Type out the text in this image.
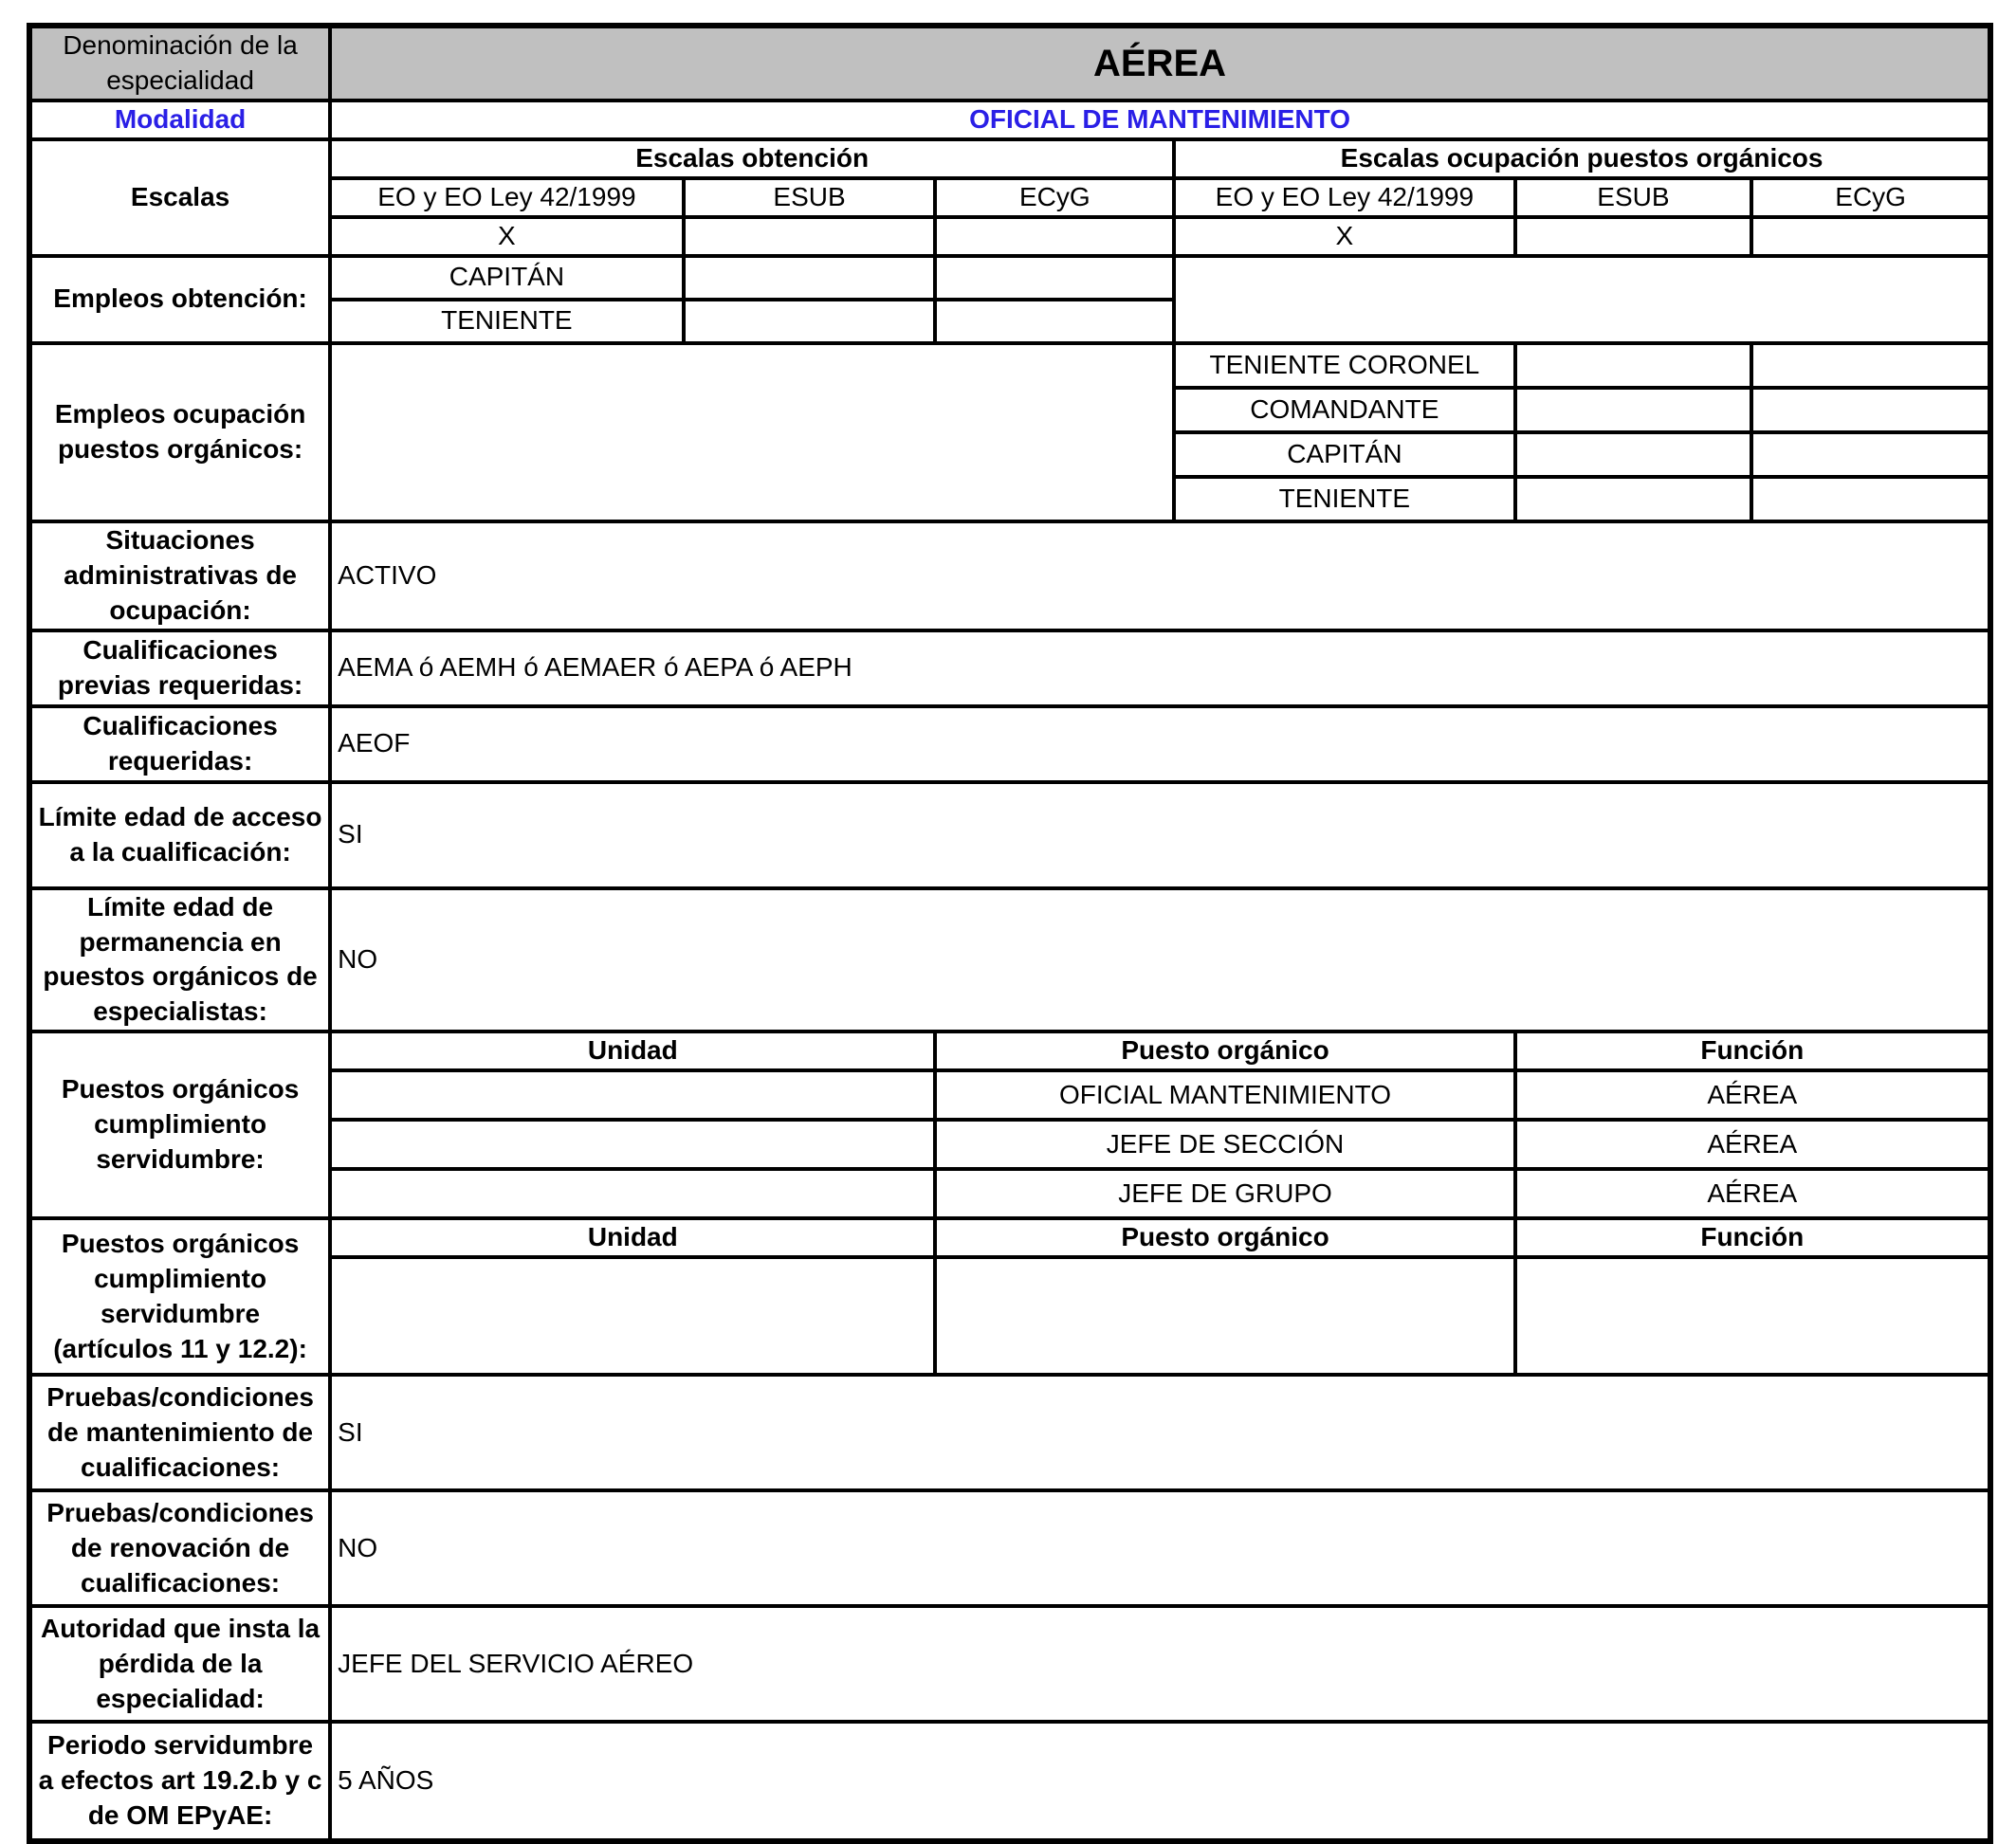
Denominación de la especialidad	AÉREA					
Modalidad	OFICIAL DE MANTENIMIENTO					
Escalas	Escalas obtención			Escalas ocupación puestos orgánicos		
	EO y EO Ley 42/1999	ESUB	ECyG	EO y EO Ley 42/1999	ESUB	ECyG
	X			X		
Empleos obtención:	CAPITÁN					
	TENIENTE					
Empleos ocupación puestos orgánicos:				TENIENTE CORONEL		
				COMANDANTE		
				CAPITÁN		
				TENIENTE		
Situaciones administrativas de ocupación:	ACTIVO					
Cualificaciones previas requeridas:	AEMA ó AEMH ó AEMAER ó AEPA ó AEPH					
Cualificaciones requeridas:	AEOF					
Límite edad de acceso a la cualificación:	SI					
Límite edad de permanencia en puestos orgánicos de especialistas:	NO					
Puestos orgánicos cumplimiento servidumbre:	Unidad		Puesto orgánico		Función	
			OFICIAL MANTENIMIENTO		AÉREA	
			JEFE DE SECCIÓN		AÉREA	
			JEFE DE GRUPO		AÉREA	
Puestos orgánicos cumplimiento servidumbre (artículos 11 y 12.2):	Unidad		Puesto orgánico		Función	

Pruebas/condiciones de mantenimiento de cualificaciones:	SI					
Pruebas/condiciones de renovación de cualificaciones:	NO					
Autoridad que insta la pérdida de la especialidad:	JEFE DEL SERVICIO AÉREO					
Periodo servidumbre a efectos art 19.2.b y c de OM EPyAE:	5 AÑOS					
